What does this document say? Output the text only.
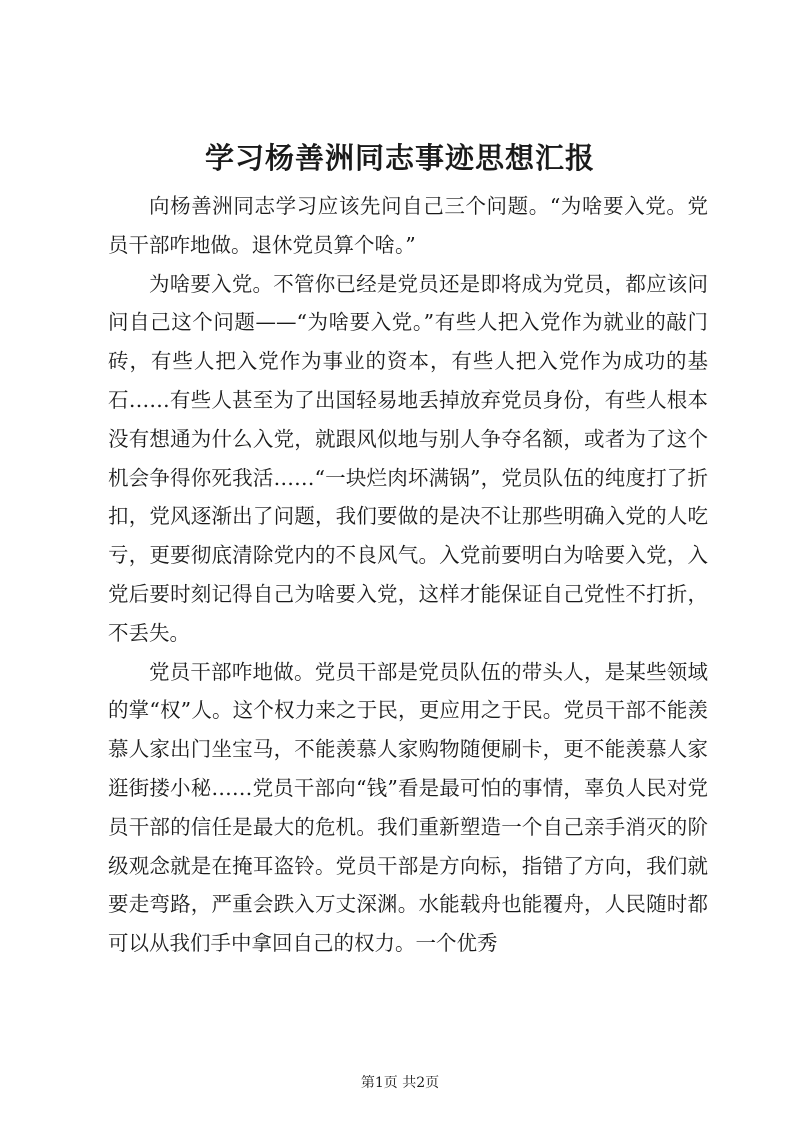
学习杨善洲同志事迹思想汇报

向杨善洲同志学习应该先问自己三个问题。“为啥要入党。党员干部咋地做。退休党员算个啥。”

为啥要入党。不管你已经是党员还是即将成为党员，都应该问问自己这个问题——“为啥要入党。”有些人把入党作为就业的敲门砖，有些人把入党作为事业的资本，有些人把入党作为成功的基石……有些人甚至为了出国轻易地丢掉放弃党员身份，有些人根本没有想通为什么入党，就跟风似地与别人争夺名额，或者为了这个机会争得你死我活……“一块烂肉坏满锅”，党员队伍的纯度打了折扣，党风逐渐出了问题，我们要做的是决不让那些明确入党的人吃亏，更要彻底清除党内的不良风气。入党前要明白为啥要入党，入党后要时刻记得自己为啥要入党，这样才能保证自己党性不打折，不丢失。

党员干部咋地做。党员干部是党员队伍的带头人，是某些领域的掌“权”人。这个权力来之于民，更应用之于民。党员干部不能羡慕人家出门坐宝马，不能羡慕人家购物随便刷卡，更不能羡慕人家逛街搂小秘……党员干部向“钱”看是最可怕的事情，辜负人民对党员干部的信任是最大的危机。我们重新塑造一个自己亲手消灭的阶级观念就是在掩耳盗铃。党员干部是方向标，指错了方向，我们就要走弯路，严重会跌入万丈深渊。水能载舟也能覆舟，人民随时都可以从我们手中拿回自己的权力。一个优秀

第1页 共2页
